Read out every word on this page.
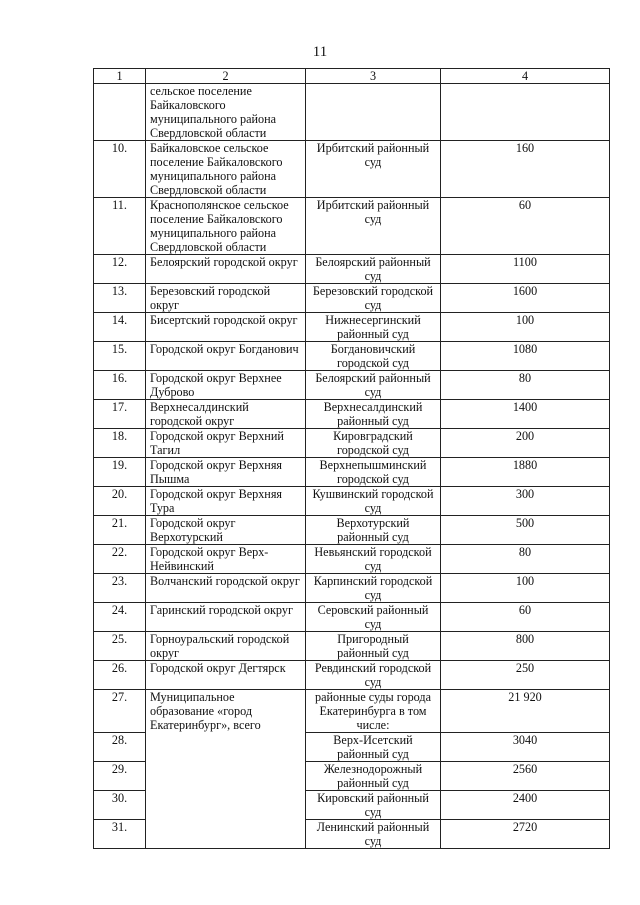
11
1	2	3	4
	сельское поселение Байкаловского муниципального района Свердловской области		
10.	Байкаловское сельское поселение Байкаловского муниципального района Свердловской области	Ирбитский районный суд	160
11.	Краснополянское сельское поселение Байкаловского муниципального района Свердловской области	Ирбитский районный суд	60
12.	Белоярский городской округ	Белоярский районный суд	1100
13.	Березовский городской округ	Березовский городской суд	1600
14.	Бисертский городской округ	Нижнесергинский районный суд	100
15.	Городской округ Богданович	Богдановичский городской суд	1080
16.	Городской округ Верхнее Дуброво	Белоярский районный суд	80
17.	Верхнесалдинский городской округ	Верхнесалдинский районный суд	1400
18.	Городской округ Верхний Тагил	Кировградский городской суд	200
19.	Городской округ Верхняя Пышма	Верхнепышминский городской суд	1880
20.	Городской округ Верхняя Тура	Кушвинский городской суд	300
21.	Городской округ Верхотурский	Верхотурский районный суд	500
22.	Городской округ Верх-Нейвинский	Невьянский городской суд	80
23.	Волчанский городской округ	Карпинский городской суд	100
24.	Гаринский городской округ	Серовский районный суд	60
25.	Горноуральский городской округ	Пригородный районный суд	800
26.	Городской округ Дегтярск	Ревдинский городской суд	250
27.	Муниципальное образование «город Екатеринбург», всего	районные суды города Екатеринбурга в том числе:	21 920
28.		Верх-Исетский районный суд	3040
29.		Железнодорожный районный суд	2560
30.		Кировский районный суд	2400
31.		Ленинский районный суд	2720
